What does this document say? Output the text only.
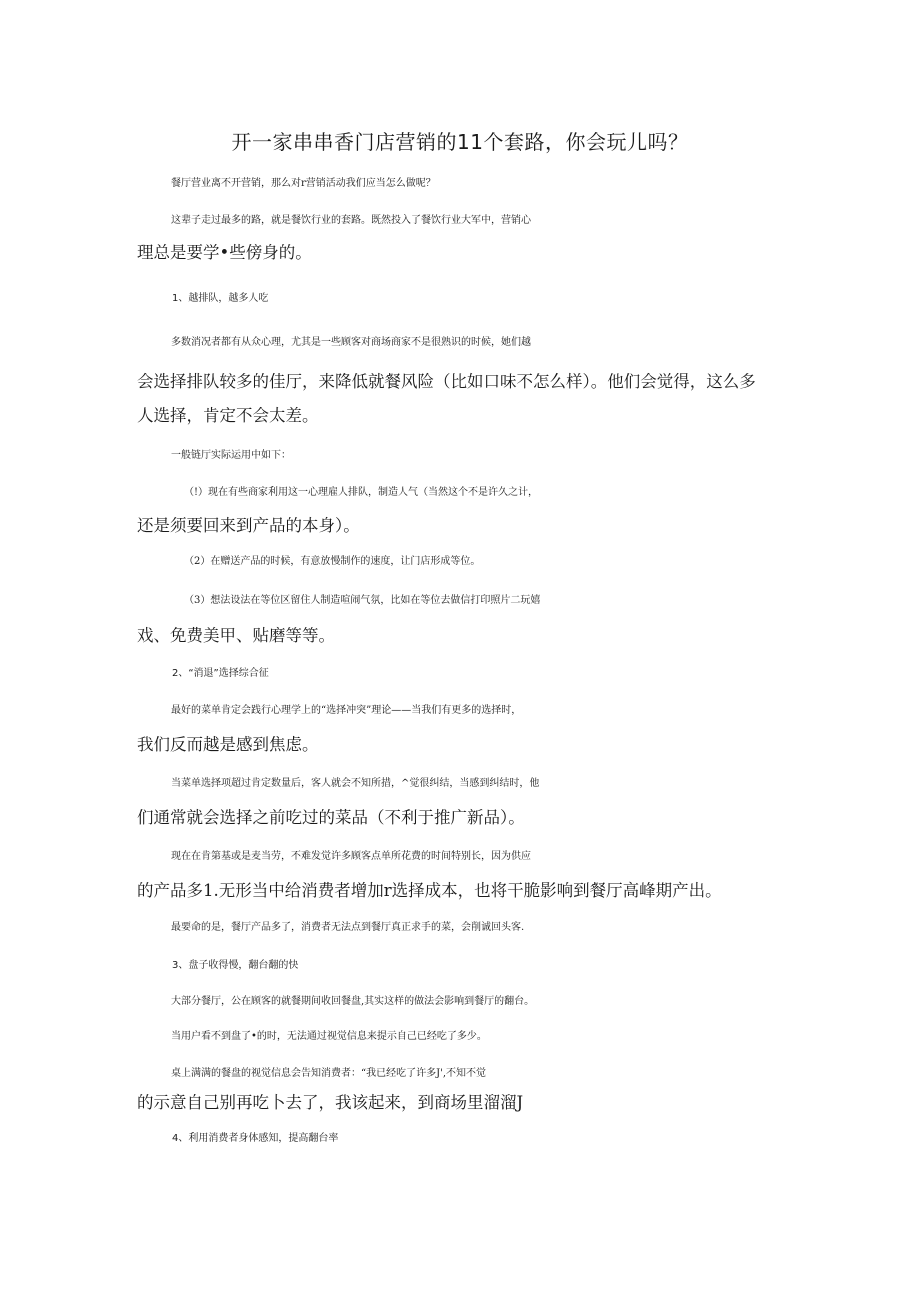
开一家串串香门店营销的11个套路，你会玩儿吗？
餐厅营业离不开营销，那么对r营销活动我们应当怎么做呢？
这辈子走过最多的路，就是餐饮行业的套路。既然投入了餐饮行业大军中，营销心
理总是要学•些傍身的。
1、越排队，越多人吃
多数消况者都有从众心理，尤其是一些顾客对商场商家不是很熟识的时候，她们越
会选择排队较多的佳厅，来降低就餐风险（比如口味不怎么样）。他们会觉得，这么多
人选择，肯定不会太差。
一般链厅实际运用中如下：
（!）现在有些商家利用这一心理雇人排队，制造人气（当然这个不是许久之计，
还是须要回来到产品的本身）。
（2）在赠送产品的时候，有意放慢制作的速度，让门店形成等位。
（3）想法设法在等位区留住人制造喧闹气氛，比如在等位去做信打印照片二玩嬉
戏、免费美甲、贴磨等等。
2、“消退”选择综合征
最好的菜单肯定会践行心理学上的“选择冲突”理论——当我们有更多的选择时，
我们反而越是感到焦虑。
当菜单选择项超过肯定数量后，客人就会不知所措，^觉很纠结，当感到纠结时，他
们通常就会选择之前吃过的菜品（不利于推广新品）。
现在在肯第基或是麦当劳，不难发觉许多顾客点单所花费的时间特别长，因为供应
的产品多1.无形当中给消费者增加r选择成本，也将干脆影响到餐厅高峰期产出。
最要命的是，餐厅产品多了，消费者无法点到餐厅真正求手的菜，会削诚回头客.
3、盘子收得慢，翻台翻的快
大部分餐厅，公在顾客的就餐期间收回餐盘,其实这样的做法会影响到餐厅的翻台。
当用户看不到盘了•的时，无法通过视觉信息来提示自己已经吃了多少。
桌上满满的餐盘的视觉信息会告知消费者：“我已经吃了许多J',不知不觉
的示意自己别再吃卜去了，我该起来，到商场里溜溜J
4、利用消费者身体感知，提高翻台率
